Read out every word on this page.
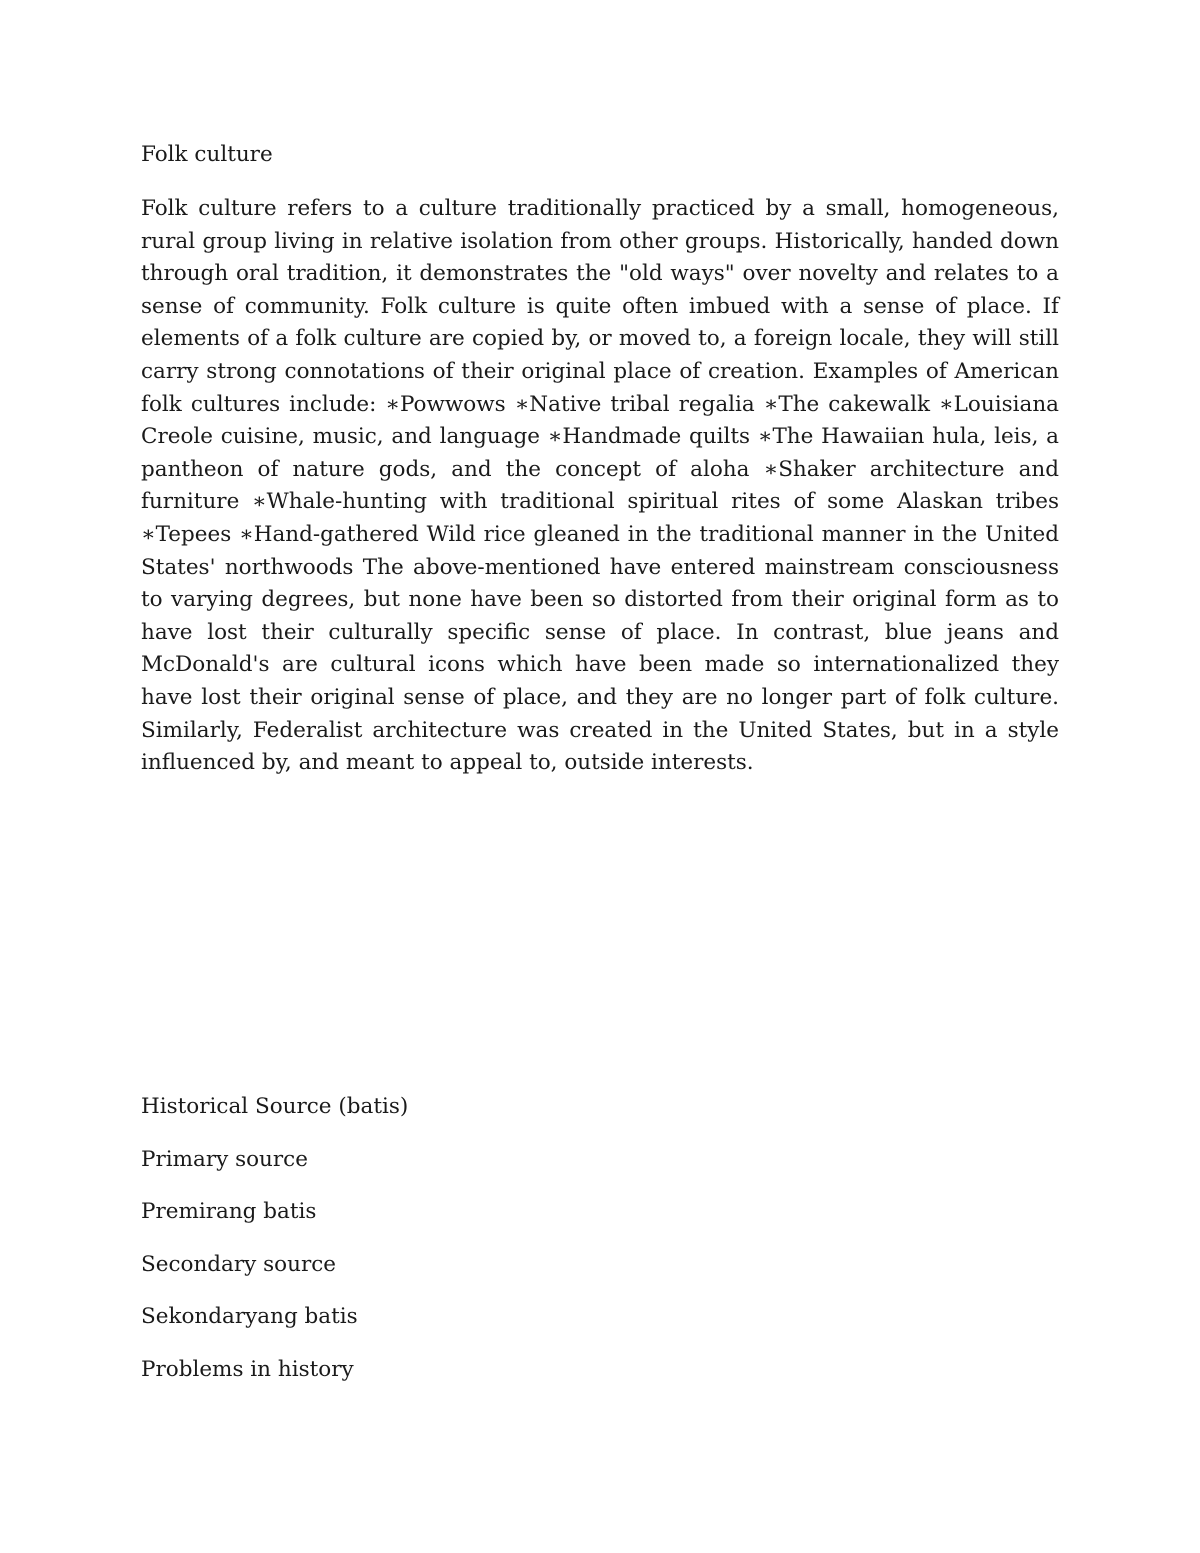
Folk culture

Folk culture refers to a culture traditionally practiced by a small, homogeneous, rural group living in relative isolation from other groups. Historically, handed down through oral tradition, it demonstrates the "old ways" over novelty and relates to a sense of community. Folk culture is quite often imbued with a sense of place. If elements of a folk culture are copied by, or moved to, a foreign locale, they will still carry strong connotations of their original place of creation. Examples of American folk cultures include: ∗Powwows ∗Native tribal regalia ∗The cakewalk ∗Louisiana Creole cuisine, music, and language ∗Handmade quilts ∗The Hawaiian hula, leis, a pantheon of nature gods, and the concept of aloha ∗Shaker architecture and furniture ∗Whale-hunting with traditional spiritual rites of some Alaskan tribes ∗Tepees ∗Hand-gathered Wild rice gleaned in the traditional manner in the United States' northwoods The above-mentioned have entered mainstream consciousness to varying degrees, but none have been so distorted from their original form as to have lost their culturally specific sense of place. In contrast, blue jeans and McDonald's are cultural icons which have been made so internationalized they have lost their original sense of place, and they are no longer part of folk culture. Similarly, Federalist architecture was created in the United States, but in a style influenced by, and meant to appeal to, outside interests.

Historical Source (batis)
Primary source
Premirang batis
Secondary source
Sekondaryang batis
Problems in history
